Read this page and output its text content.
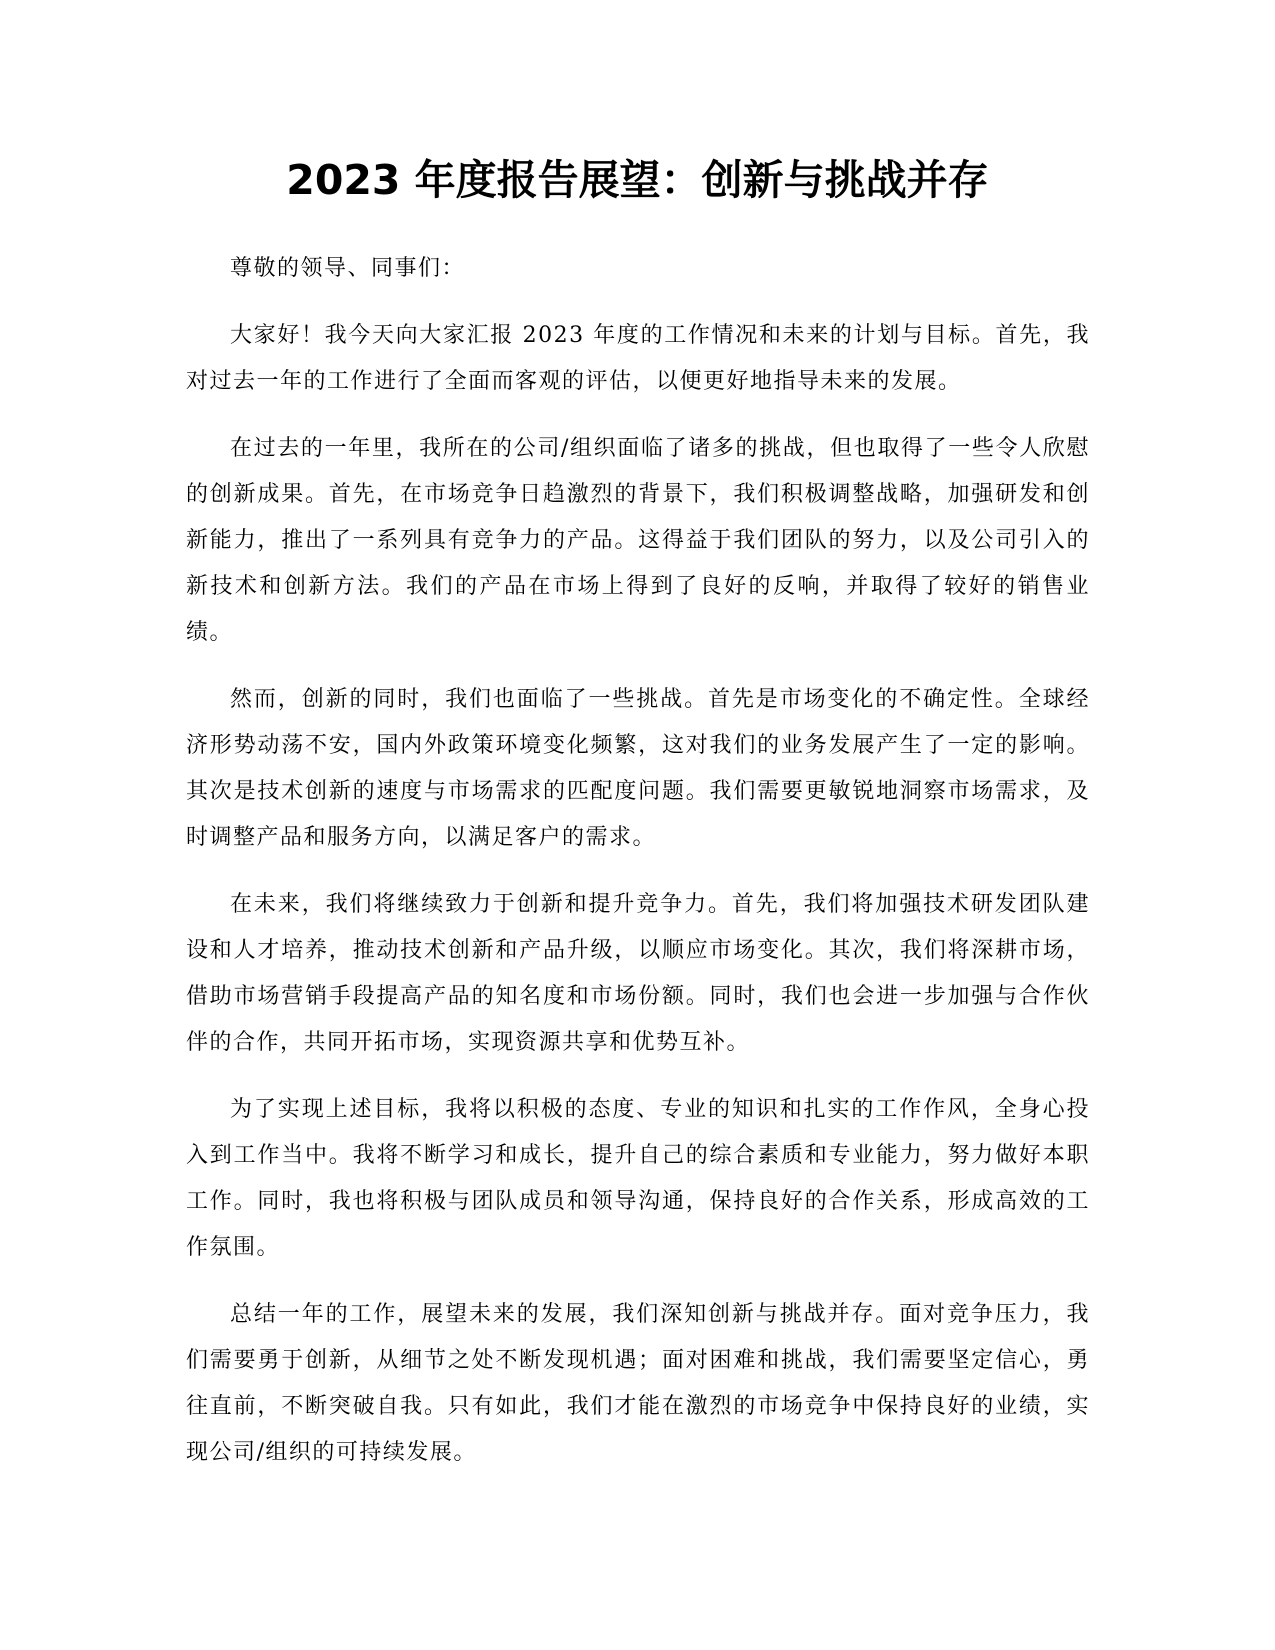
2023 年度报告展望：创新与挑战并存

尊敬的领导、同事们：

大家好！我今天向大家汇报 2023 年度的工作情况和未来的计划与目标。首先，我对过去一年的工作进行了全面而客观的评估，以便更好地指导未来的发展。

在过去的一年里，我所在的公司/组织面临了诸多的挑战，但也取得了一些令人欣慰的创新成果。首先，在市场竞争日趋激烈的背景下，我们积极调整战略，加强研发和创新能力，推出了一系列具有竞争力的产品。这得益于我们团队的努力，以及公司引入的新技术和创新方法。我们的产品在市场上得到了良好的反响，并取得了较好的销售业绩。

然而，创新的同时，我们也面临了一些挑战。首先是市场变化的不确定性。全球经济形势动荡不安，国内外政策环境变化频繁，这对我们的业务发展产生了一定的影响。其次是技术创新的速度与市场需求的匹配度问题。我们需要更敏锐地洞察市场需求，及时调整产品和服务方向，以满足客户的需求。

在未来，我们将继续致力于创新和提升竞争力。首先，我们将加强技术研发团队建设和人才培养，推动技术创新和产品升级，以顺应市场变化。其次，我们将深耕市场，借助市场营销手段提高产品的知名度和市场份额。同时，我们也会进一步加强与合作伙伴的合作，共同开拓市场，实现资源共享和优势互补。

为了实现上述目标，我将以积极的态度、专业的知识和扎实的工作作风，全身心投入到工作当中。我将不断学习和成长，提升自己的综合素质和专业能力，努力做好本职工作。同时，我也将积极与团队成员和领导沟通，保持良好的合作关系，形成高效的工作氛围。

总结一年的工作，展望未来的发展，我们深知创新与挑战并存。面对竞争压力，我们需要勇于创新，从细节之处不断发现机遇；面对困难和挑战，我们需要坚定信心，勇往直前，不断突破自我。只有如此，我们才能在激烈的市场竞争中保持良好的业绩，实现公司/组织的可持续发展。
